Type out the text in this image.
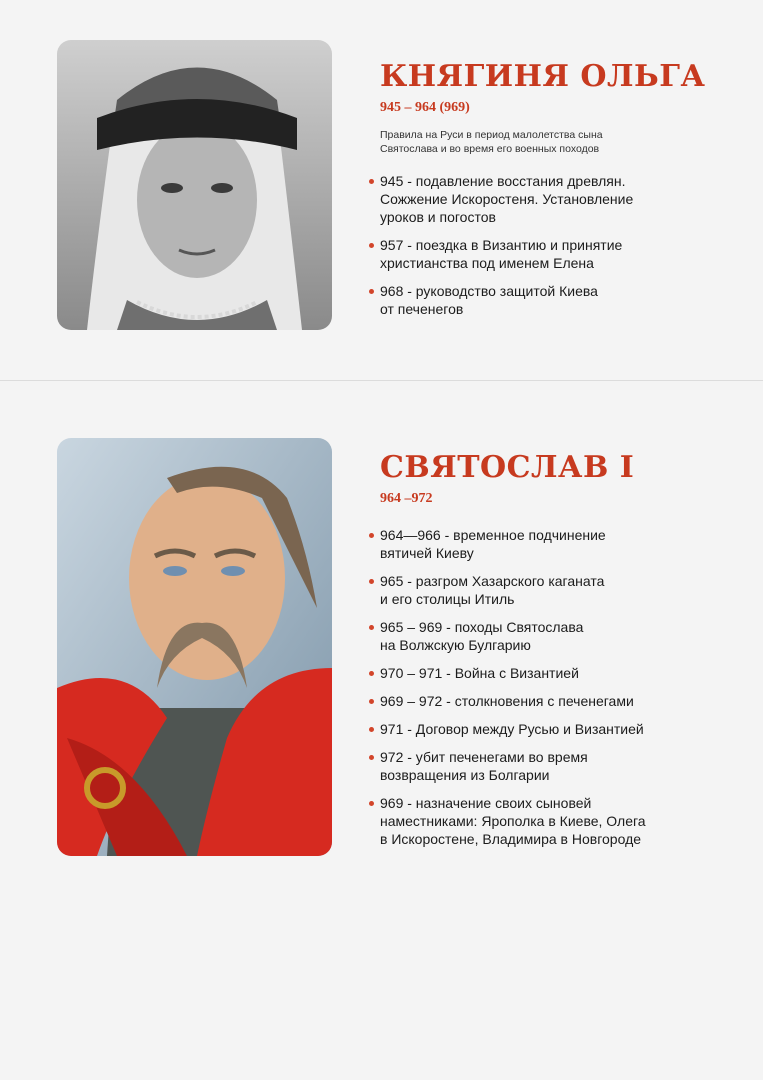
КНЯГИНЯ ОЛЬГА
945 – 964 (969)
Правила на Руси в период малолетства сына
Святослава и во время его военных походов
945 - подавление восстания древлян.
Сожжение Искоростеня. Установление
уроков и погостов
957 - поездка в Византию и принятие
христианства под именем Елена
968 - руководство защитой Киева
от печенегов
СВЯТОСЛАВ I
964 –972
964—966 - временное подчинение
вятичей Киеву
965 - разгром Хазарского каганата
и его столицы Итиль
965 – 969 - походы Святослава
на Волжскую Булгарию
970 – 971 - Война с Византией
969 – 972 - столкновения с печенегами
971 - Договор между Русью и Византией
972 - убит печенегами во время
возвращения из Болгарии
969 - назначение своих сыновей
наместниками: Ярополка в Киеве, Олега
в Искоростене, Владимира в Новгороде
